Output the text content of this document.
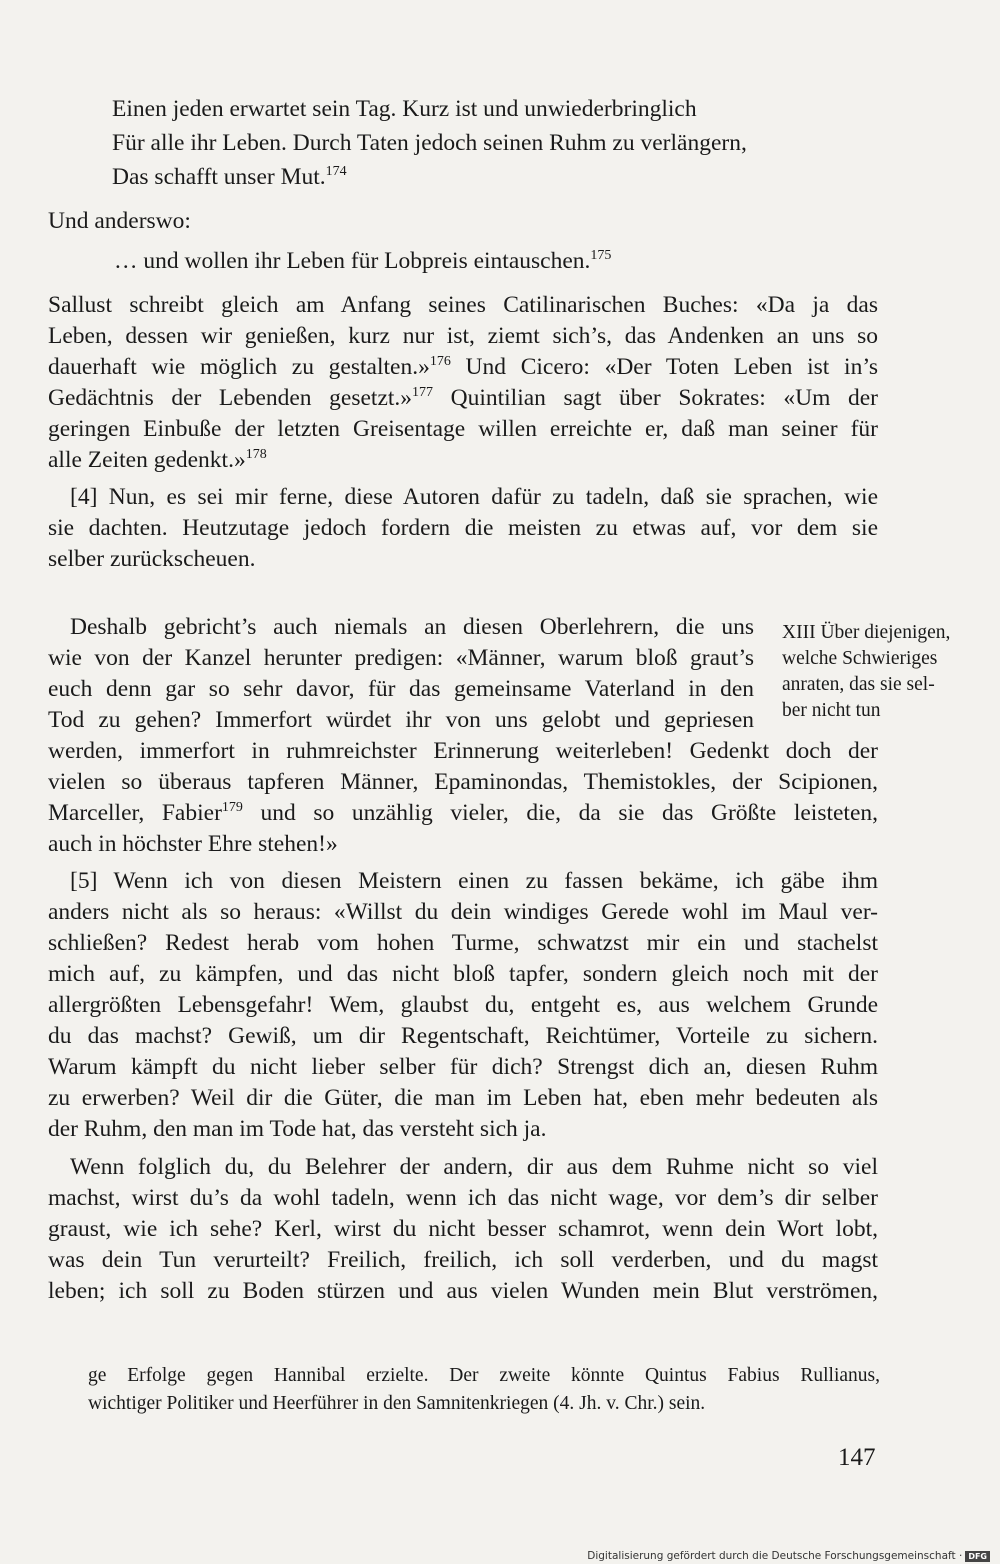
Einen jeden erwartet sein Tag. Kurz ist und unwiederbringlich
Für alle ihr Leben. Durch Taten jedoch seinen Ruhm zu verlängern,
Das schafft unser Mut.$^{174}$
Und anderswo:
… und wollen ihr Leben für Lobpreis eintauschen.$^{175}$
Sallust schreibt gleich am Anfang seines Catilinarischen Buches: «Da ja das
Leben, dessen wir genießen, kurz nur ist, ziemt sich’s, das Andenken an uns so
dauerhaft wie möglich zu gestalten.»$^{176}$ Und Cicero: «Der Toten Leben ist in’s
Gedächtnis der Lebenden gesetzt.»$^{177}$ Quintilian sagt über Sokrates: «Um der
geringen Einbuße der letzten Greisentage willen erreichte er, daß man seiner für
alle Zeiten gedenkt.»$^{178}$
[4] Nun, es sei mir ferne, diese Autoren dafür zu tadeln, daß sie sprachen, wie
sie dachten. Heutzutage jedoch fordern die meisten zu etwas auf, vor dem sie
selber zurückscheuen.
Deshalb gebricht’s auch niemals an diesen Oberlehrern, die uns
wie von der Kanzel herunter predigen: «Männer, warum bloß graut’s
euch denn gar so sehr davor, für das gemeinsame Vaterland in den
Tod zu gehen? Immerfort würdet ihr von uns gelobt und gepriesen
werden, immerfort in ruhmreichster Erinnerung weiterleben! Gedenkt doch der
vielen so überaus tapferen Männer, Epaminondas, Themistokles, der Scipionen,
Marceller, Fabier$^{179}$ und so unzählig vieler, die, da sie das Größte leisteten,
auch in höchster Ehre stehen!»
XIII Über diejenigen,
welche Schwieriges
anraten, das sie sel-
ber nicht tun
[5] Wenn ich von diesen Meistern einen zu fassen bekäme, ich gäbe ihm
anders nicht als so heraus: «Willst du dein windiges Gerede wohl im Maul ver-
schließen? Redest herab vom hohen Turme, schwatzst mir ein und stachelst
mich auf, zu kämpfen, und das nicht bloß tapfer, sondern gleich noch mit der
allergrößten Lebensgefahr! Wem, glaubst du, entgeht es, aus welchem Grunde
du das machst? Gewiß, um dir Regentschaft, Reichtümer, Vorteile zu sichern.
Warum kämpft du nicht lieber selber für dich? Strengst dich an, diesen Ruhm
zu erwerben? Weil dir die Güter, die man im Leben hat, eben mehr bedeuten als
der Ruhm, den man im Tode hat, das versteht sich ja.
Wenn folglich du, du Belehrer der andern, dir aus dem Ruhme nicht so viel
machst, wirst du’s da wohl tadeln, wenn ich das nicht wage, vor dem’s dir selber
graust, wie ich sehe? Kerl, wirst du nicht besser schamrot, wenn dein Wort lobt,
was dein Tun verurteilt? Freilich, freilich, ich soll verderben, und du magst
leben; ich soll zu Boden stürzen und aus vielen Wunden mein Blut verströmen,
ge Erfolge gegen Hannibal erzielte. Der zweite könnte Quintus Fabius Rullianus,
wichtiger Politiker und Heerführer in den Samnitenkriegen (4. Jh. v. Chr.) sein.
147
Digitalisierung gefördert durch die Deutsche Forschungsgemeinschaft · DFG
